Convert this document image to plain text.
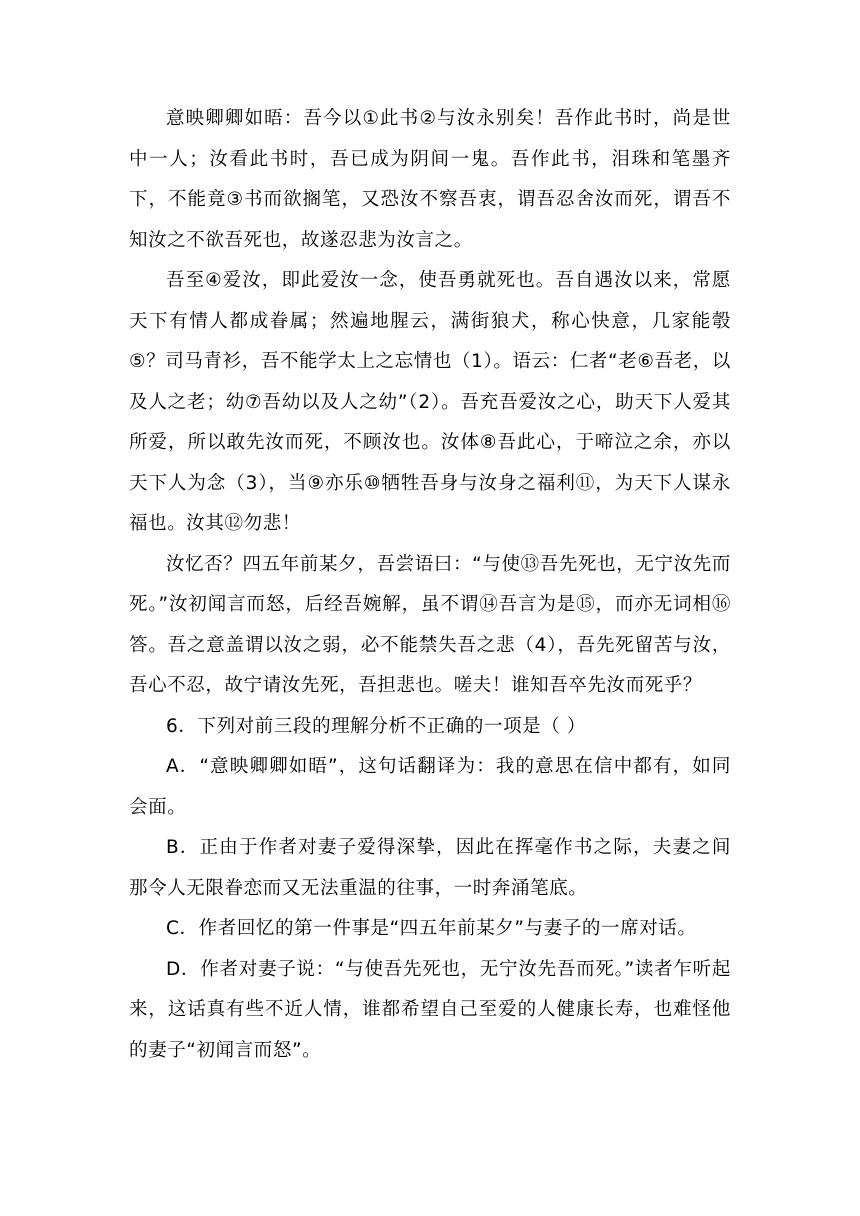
意映卿卿如晤：吾今以①此书②与汝永别矣！吾作此书时，尚是世中一人；汝看此书时，吾已成为阴间一鬼。吾作此书，泪珠和笔墨齐下，不能竟③书而欲搁笔，又恐汝不察吾衷，谓吾忍舍汝而死，谓吾不知汝之不欲吾死也，故遂忍悲为汝言之。

吾至④爱汝，即此爱汝一念，使吾勇就死也。吾自遇汝以来，常愿天下有情人都成眷属；然遍地腥云，满街狼犬，称心快意，几家能彀⑤？司马青衫，吾不能学太上之忘情也（1）。语云：仁者“老⑥吾老，以及人之老；幼⑦吾幼以及人之幼”（2）。吾充吾爱汝之心，助天下人爱其所爱，所以敢先汝而死，不顾汝也。汝体⑧吾此心，于啼泣之余，亦以天下人为念（3），当⑨亦乐⑩牺牲吾身与汝身之福利⑪，为天下人谋永福也。汝其⑫勿悲！

汝忆否？四五年前某夕，吾尝语曰：“与使⑬吾先死也，无宁汝先而死。”汝初闻言而怒，后经吾婉解，虽不谓⑭吾言为是⑮，而亦无词相⑯答。吾之意盖谓以汝之弱，必不能禁失吾之悲（4），吾先死留苦与汝，吾心不忍，故宁请汝先死，吾担悲也。嗟夫！谁知吾卒先汝而死乎？

6．下列对前三段的理解分析不正确的一项是（ ）

A．“意映卿卿如晤”，这句话翻译为：我的意思在信中都有，如同会面。

B．正由于作者对妻子爱得深挚，因此在挥毫作书之际，夫妻之间那令人无限眷恋而又无法重温的往事，一时奔涌笔底。

C．作者回忆的第一件事是“四五年前某夕”与妻子的一席对话。

D．作者对妻子说：“与使吾先死也，无宁汝先吾而死。”读者乍听起来，这话真有些不近人情，谁都希望自己至爱的人健康长寿，也难怪他的妻子“初闻言而怒”。
